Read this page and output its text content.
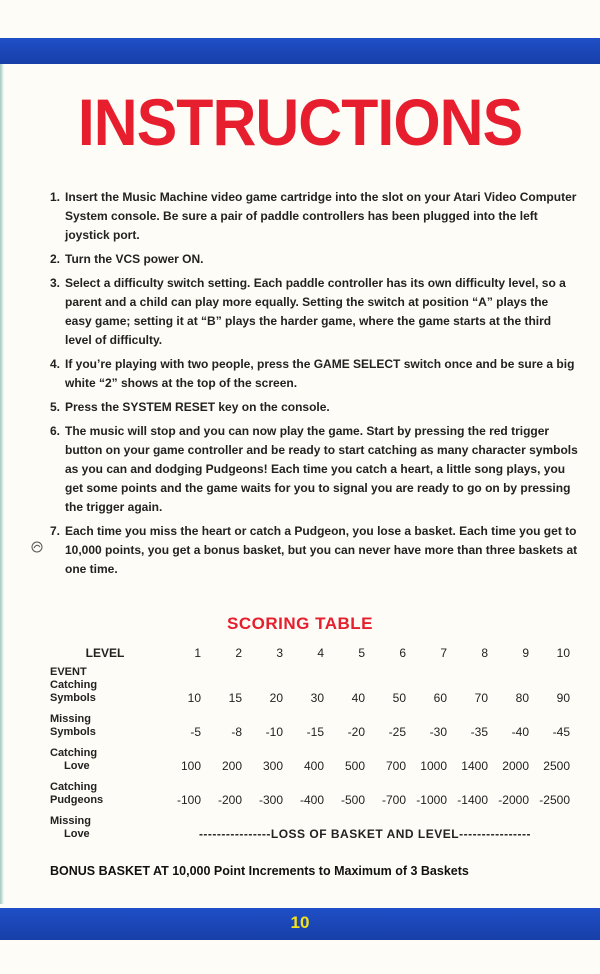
INSTRUCTIONS
1. Insert the Music Machine video game cartridge into the slot on your Atari Video Computer System console. Be sure a pair of paddle controllers has been plugged into the left joystick port.
2. Turn the VCS power ON.
3. Select a difficulty switch setting. Each paddle controller has its own difficulty level, so a parent and a child can play more equally. Setting the switch at position “A” plays the easy game; setting it at “B” plays the harder game, where the game starts at the third level of difficulty.
4. If you’re playing with two people, press the GAME SELECT switch once and be sure a big white “2” shows at the top of the screen.
5. Press the SYSTEM RESET key on the console.
6. The music will stop and you can now play the game. Start by pressing the red trigger button on your game controller and be ready to start catching as many character symbols as you can and dodging Pudgeons! Each time you catch a heart, a little song plays, you get some points and the game waits for you to signal you are ready to go on by pressing the trigger again.
7. Each time you miss the heart or catch a Pudgeon, you lose a basket. Each time you get to 10,000 points, you get a bonus basket, but you can never have more than three baskets at one time.
SCORING TABLE
LEVEL	1	2	3	4	5	6	7	8	9	10
EVENT										
Catching
Symbols	10	15	20	30	40	50	60	70	80	90
Missing
Symbols	-5	-8	-10	-15	-20	-25	-30	-35	-40	-45
Catching
Love	100	200	300	400	500	700	1000	1400	2000	2500
Catching
Pudgeons	-100	-200	-300	-400	-500	-700	-1000	-1400	-2000	-2500
Missing
Love	----------------LOSS OF BASKET AND LEVEL----------------									
BONUS BASKET AT 10,000 Point Increments to Maximum of 3 Baskets
10
